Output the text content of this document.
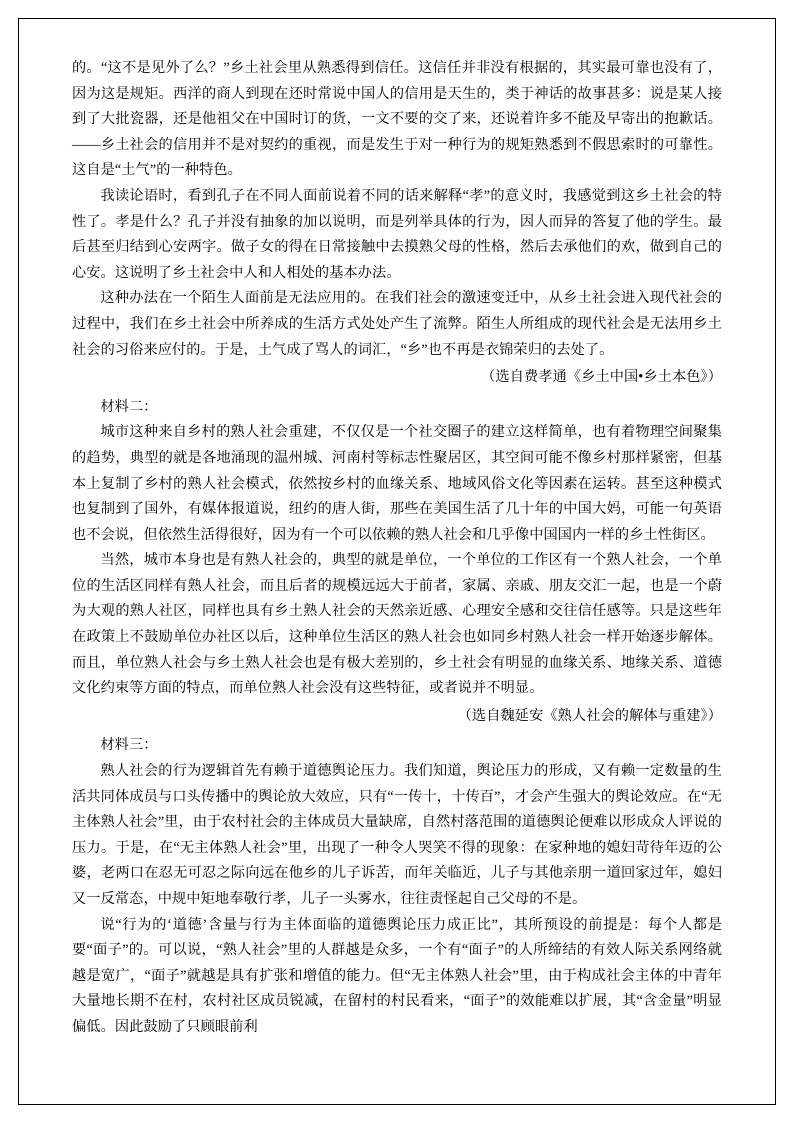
的。“这不是见外了么？”乡土社会里从熟悉得到信任。这信任并非没有根据的，其实最可靠也没有了，因为这是规矩。西洋的商人到现在还时常说中国人的信用是天生的，类于神话的故事甚多：说是某人接到了大批瓷器，还是他祖父在中国时订的货，一文不要的交了来，还说着许多不能及早寄出的抱歉话。——乡土社会的信用并不是对契约的重视，而是发生于对一种行为的规矩熟悉到不假思索时的可靠性。这自是“土气”的一种特色。

我读论语时，看到孔子在不同人面前说着不同的话来解释“孝”的意义时，我感觉到这乡土社会的特性了。孝是什么？孔子并没有抽象的加以说明，而是列举具体的行为，因人而异的答复了他的学生。最后甚至归结到心安两字。做子女的得在日常接触中去摸熟父母的性格，然后去承他们的欢，做到自己的心安。这说明了乡土社会中人和人相处的基本办法。

这种办法在一个陌生人面前是无法应用的。在我们社会的激速变迁中，从乡土社会进入现代社会的过程中，我们在乡土社会中所养成的生活方式处处产生了流弊。陌生人所组成的现代社会是无法用乡土社会的习俗来应付的。于是，土气成了骂人的词汇，“乡”也不再是衣锦荣归的去处了。

（选自费孝通《乡土中国•乡土本色》）

材料二：

城市这种来自乡村的熟人社会重建，不仅仅是一个社交圈子的建立这样简单，也有着物理空间聚集的趋势，典型的就是各地涌现的温州城、河南村等标志性聚居区，其空间可能不像乡村那样紧密，但基本上复制了乡村的熟人社会模式，依然按乡村的血缘关系、地域风俗文化等因素在运转。甚至这种模式也复制到了国外，有媒体报道说，纽约的唐人街，那些在美国生活了几十年的中国大妈，可能一句英语也不会说，但依然生活得很好，因为有一个可以依赖的熟人社会和几乎像中国国内一样的乡土性街区。

当然，城市本身也是有熟人社会的，典型的就是单位，一个单位的工作区有一个熟人社会，一个单位的生活区同样有熟人社会，而且后者的规模远远大于前者，家属、亲戚、朋友交汇一起，也是一个蔚为大观的熟人社区，同样也具有乡土熟人社会的天然亲近感、心理安全感和交往信任感等。只是这些年在政策上不鼓励单位办社区以后，这种单位生活区的熟人社会也如同乡村熟人社会一样开始逐步解体。而且，单位熟人社会与乡土熟人社会也是有极大差别的，乡土社会有明显的血缘关系、地缘关系、道德文化约束等方面的特点，而单位熟人社会没有这些特征，或者说并不明显。

（选自魏延安《熟人社会的解体与重建》）

材料三：

熟人社会的行为逻辑首先有赖于道德舆论压力。我们知道，舆论压力的形成，又有赖一定数量的生活共同体成员与口头传播中的舆论放大效应，只有“一传十，十传百”，才会产生强大的舆论效应。在“无主体熟人社会”里，由于农村社会的主体成员大量缺席，自然村落范围的道德舆论便难以形成众人评说的压力。于是，在“无主体熟人社会”里，出现了一种令人哭笑不得的现象：在家种地的媳妇苛待年迈的公婆，老两口在忍无可忍之际向远在他乡的儿子诉苦，而年关临近，儿子与其他亲朋一道回家过年，媳妇又一反常态，中规中矩地奉敬行孝，儿子一头雾水，往往责怪起自己父母的不是。

说“行为的‘道德’含量与行为主体面临的道德舆论压力成正比”，其所预设的前提是：每个人都是要“面子”的。可以说，“熟人社会”里的人群越是众多，一个有“面子”的人所缔结的有效人际关系网络就越是宽广，“面子”就越是具有扩张和增值的能力。但“无主体熟人社会”里，由于构成社会主体的中青年大量地长期不在村，农村社区成员锐减，在留村的村民看来，“面子”的效能难以扩展，其“含金量”明显偏低。因此鼓励了只顾眼前利
